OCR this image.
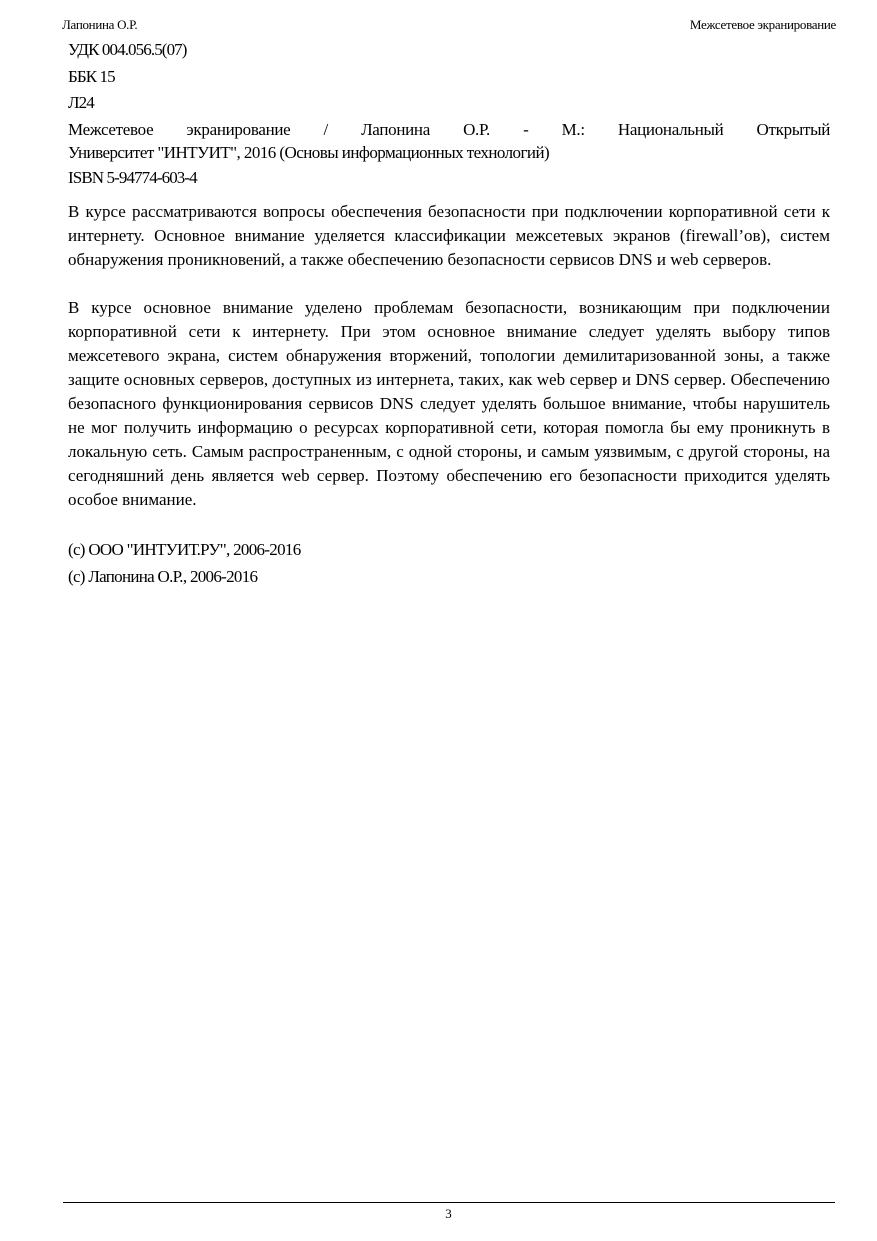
Лапонина О.Р.	Межсетевое экранирование
УДК 004.056.5(07)
ББК 15
Л24
Межсетевое экранирование / Лапонина О.Р. - М.: Национальный Открытый
Университет "ИНТУИТ", 2016 (Основы информационных технологий)
ISBN 5-94774-603-4
В курсе рассматриваются вопросы обеспечения безопасности при подключении корпоративной сети к интернету. Основное внимание уделяется классификации межсетевых экранов (firewall’ов), систем обнаружения проникновений, а также обеспечению безопасности сервисов DNS и web серверов.
В курсе основное внимание уделено проблемам безопасности, возникающим при подключении корпоративной сети к интернету. При этом основное внимание следует уделять выбору типов межсетевого экрана, систем обнаружения вторжений, топологии демилитаризованной зоны, а также защите основных серверов, доступных из интернета, таких, как web сервер и DNS сервер. Обеспечению безопасного функционирования сервисов DNS следует уделять большое внимание, чтобы нарушитель не мог получить информацию о ресурсах корпоративной сети, которая помогла бы ему проникнуть в локальную сеть. Самым распространенным, с одной стороны, и самым уязвимым, с другой стороны, на сегодняшний день является web сервер. Поэтому обеспечению его безопасности приходится уделять особое внимание.
(c) ООО "ИНТУИТ.РУ", 2006-2016
(c) Лапонина О.Р., 2006-2016
3
